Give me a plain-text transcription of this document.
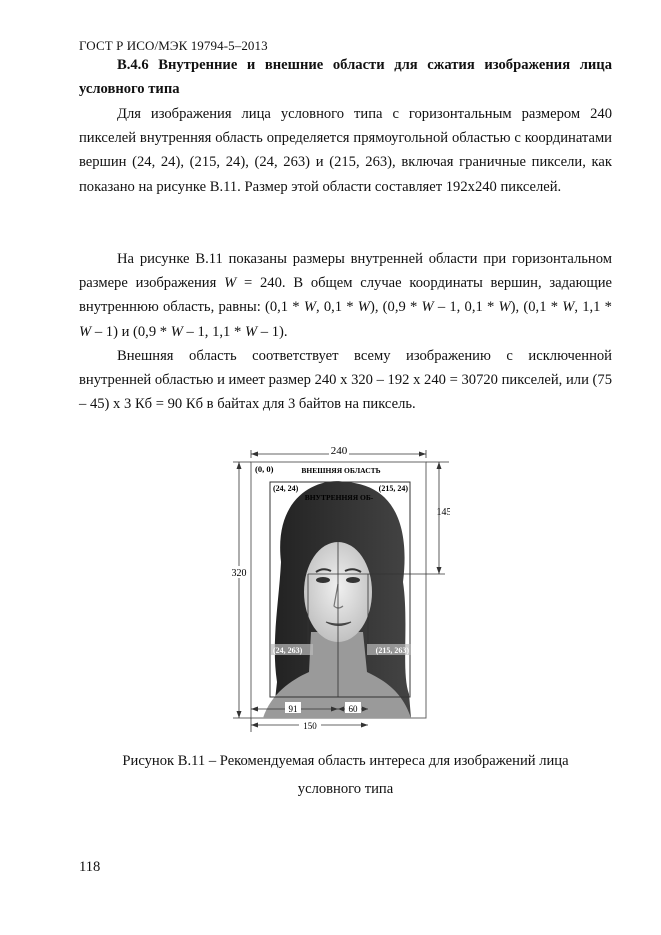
ГОСТ Р ИСО/МЭК 19794-5–2013
В.4.6 Внутренние и внешние области для сжатия изображения лица условного типа
Для изображения лица условного типа с горизонтальным размером 240 пикселей внутренняя область определяется прямоугольной областью с координатами вершин (24, 24), (215, 24), (24, 263) и (215, 263), включая граничные пиксели, как показано на рисунке В.11. Размер этой области составляет 192x240 пикселей.
На рисунке В.11 показаны размеры внутренней области при горизонтальном размере изображения W = 240. В общем случае координаты вершин, задающие внутреннюю область, равны: (0,1 * W, 0,1 * W), (0,9 * W – 1, 0,1 * W), (0,1 * W, 1,1 * W – 1) и (0,9 * W – 1, 1,1 * W – 1).
Внешняя область соответствует всему изображению с исключенной внутренней областью и имеет размер 240 x 320 – 192 x 240 = 30720 пикселей, или (75 – 45) x 3 Кб = 90 Кб в байтах для 3 байтов на пиксель.
240
320
145
(0, 0)	ВНЕШНЯЯ ОБЛАСТЬ
(24, 24)	(215, 24)
ВНУТРЕННЯЯ ОБ-
(24, 263)	(215, 263)
91	60
150
Рисунок В.11 – Рекомендуемая область интереса для изображений лица
условного типа
118
